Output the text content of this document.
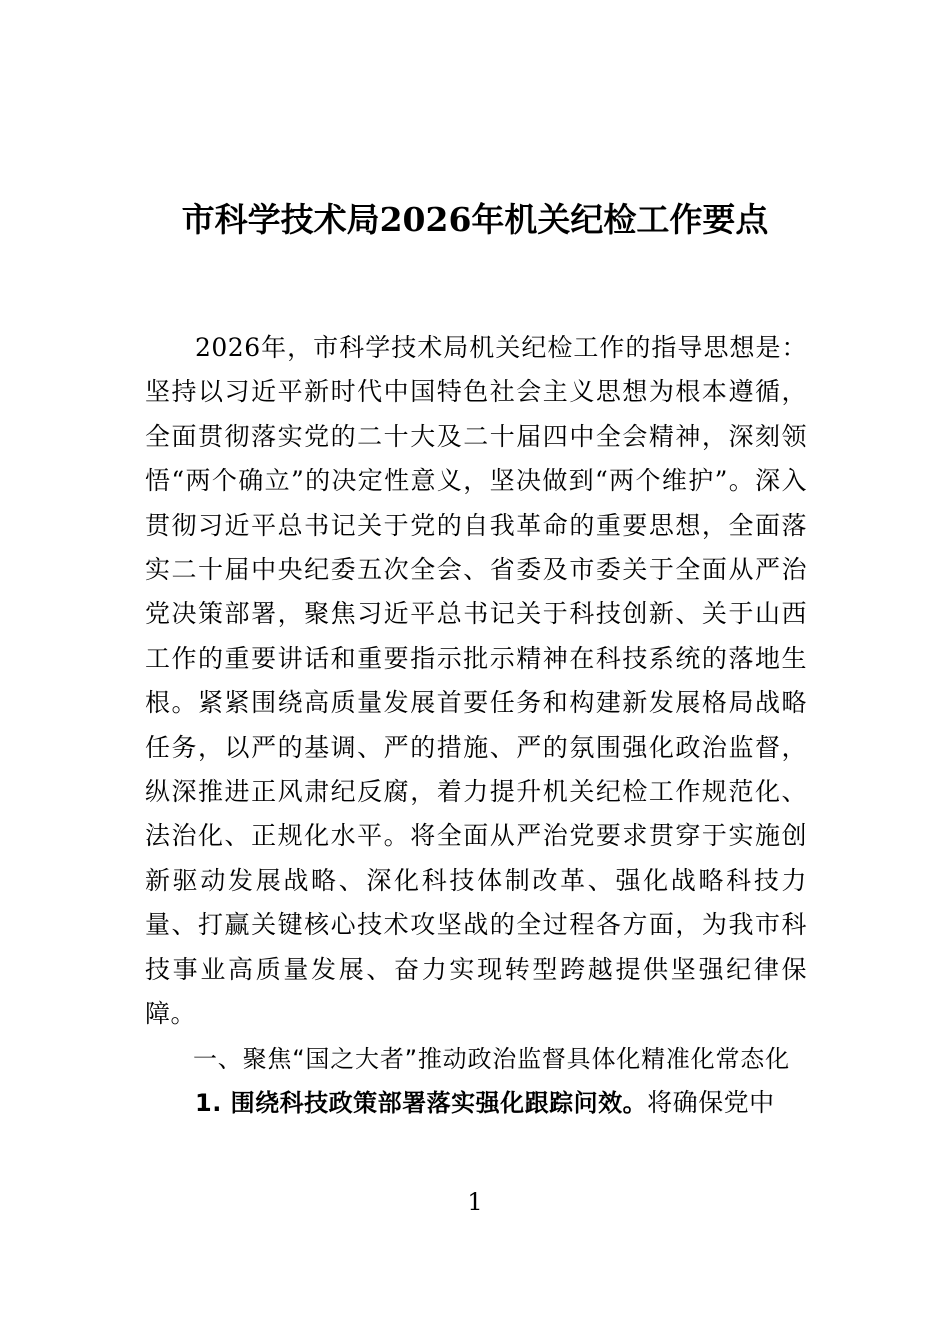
市科学技术局2026年机关纪检工作要点

2026年，市科学技术局机关纪检工作的指导思想是：坚持以习近平新时代中国特色社会主义思想为根本遵循，全面贯彻落实党的二十大及二十届四中全会精神，深刻领悟“两个确立”的决定性意义，坚决做到“两个维护”。深入贯彻习近平总书记关于党的自我革命的重要思想，全面落实二十届中央纪委五次全会、省委及市委关于全面从严治党决策部署，聚焦习近平总书记关于科技创新、关于山西工作的重要讲话和重要指示批示精神在科技系统的落地生根。紧紧围绕高质量发展首要任务和构建新发展格局战略任务，以严的基调、严的措施、严的氛围强化政治监督，纵深推进正风肃纪反腐，着力提升机关纪检工作规范化、法治化、正规化水平。将全面从严治党要求贯穿于实施创新驱动发展战略、深化科技体制改革、强化战略科技力量、打赢关键核心技术攻坚战的全过程各方面，为我市科技事业高质量发展、奋力实现转型跨越提供坚强纪律保障。

一、聚焦“国之大者”推动政治监督具体化精准化常态化

1. 围绕科技政策部署落实强化跟踪问效。将确保党中

1
